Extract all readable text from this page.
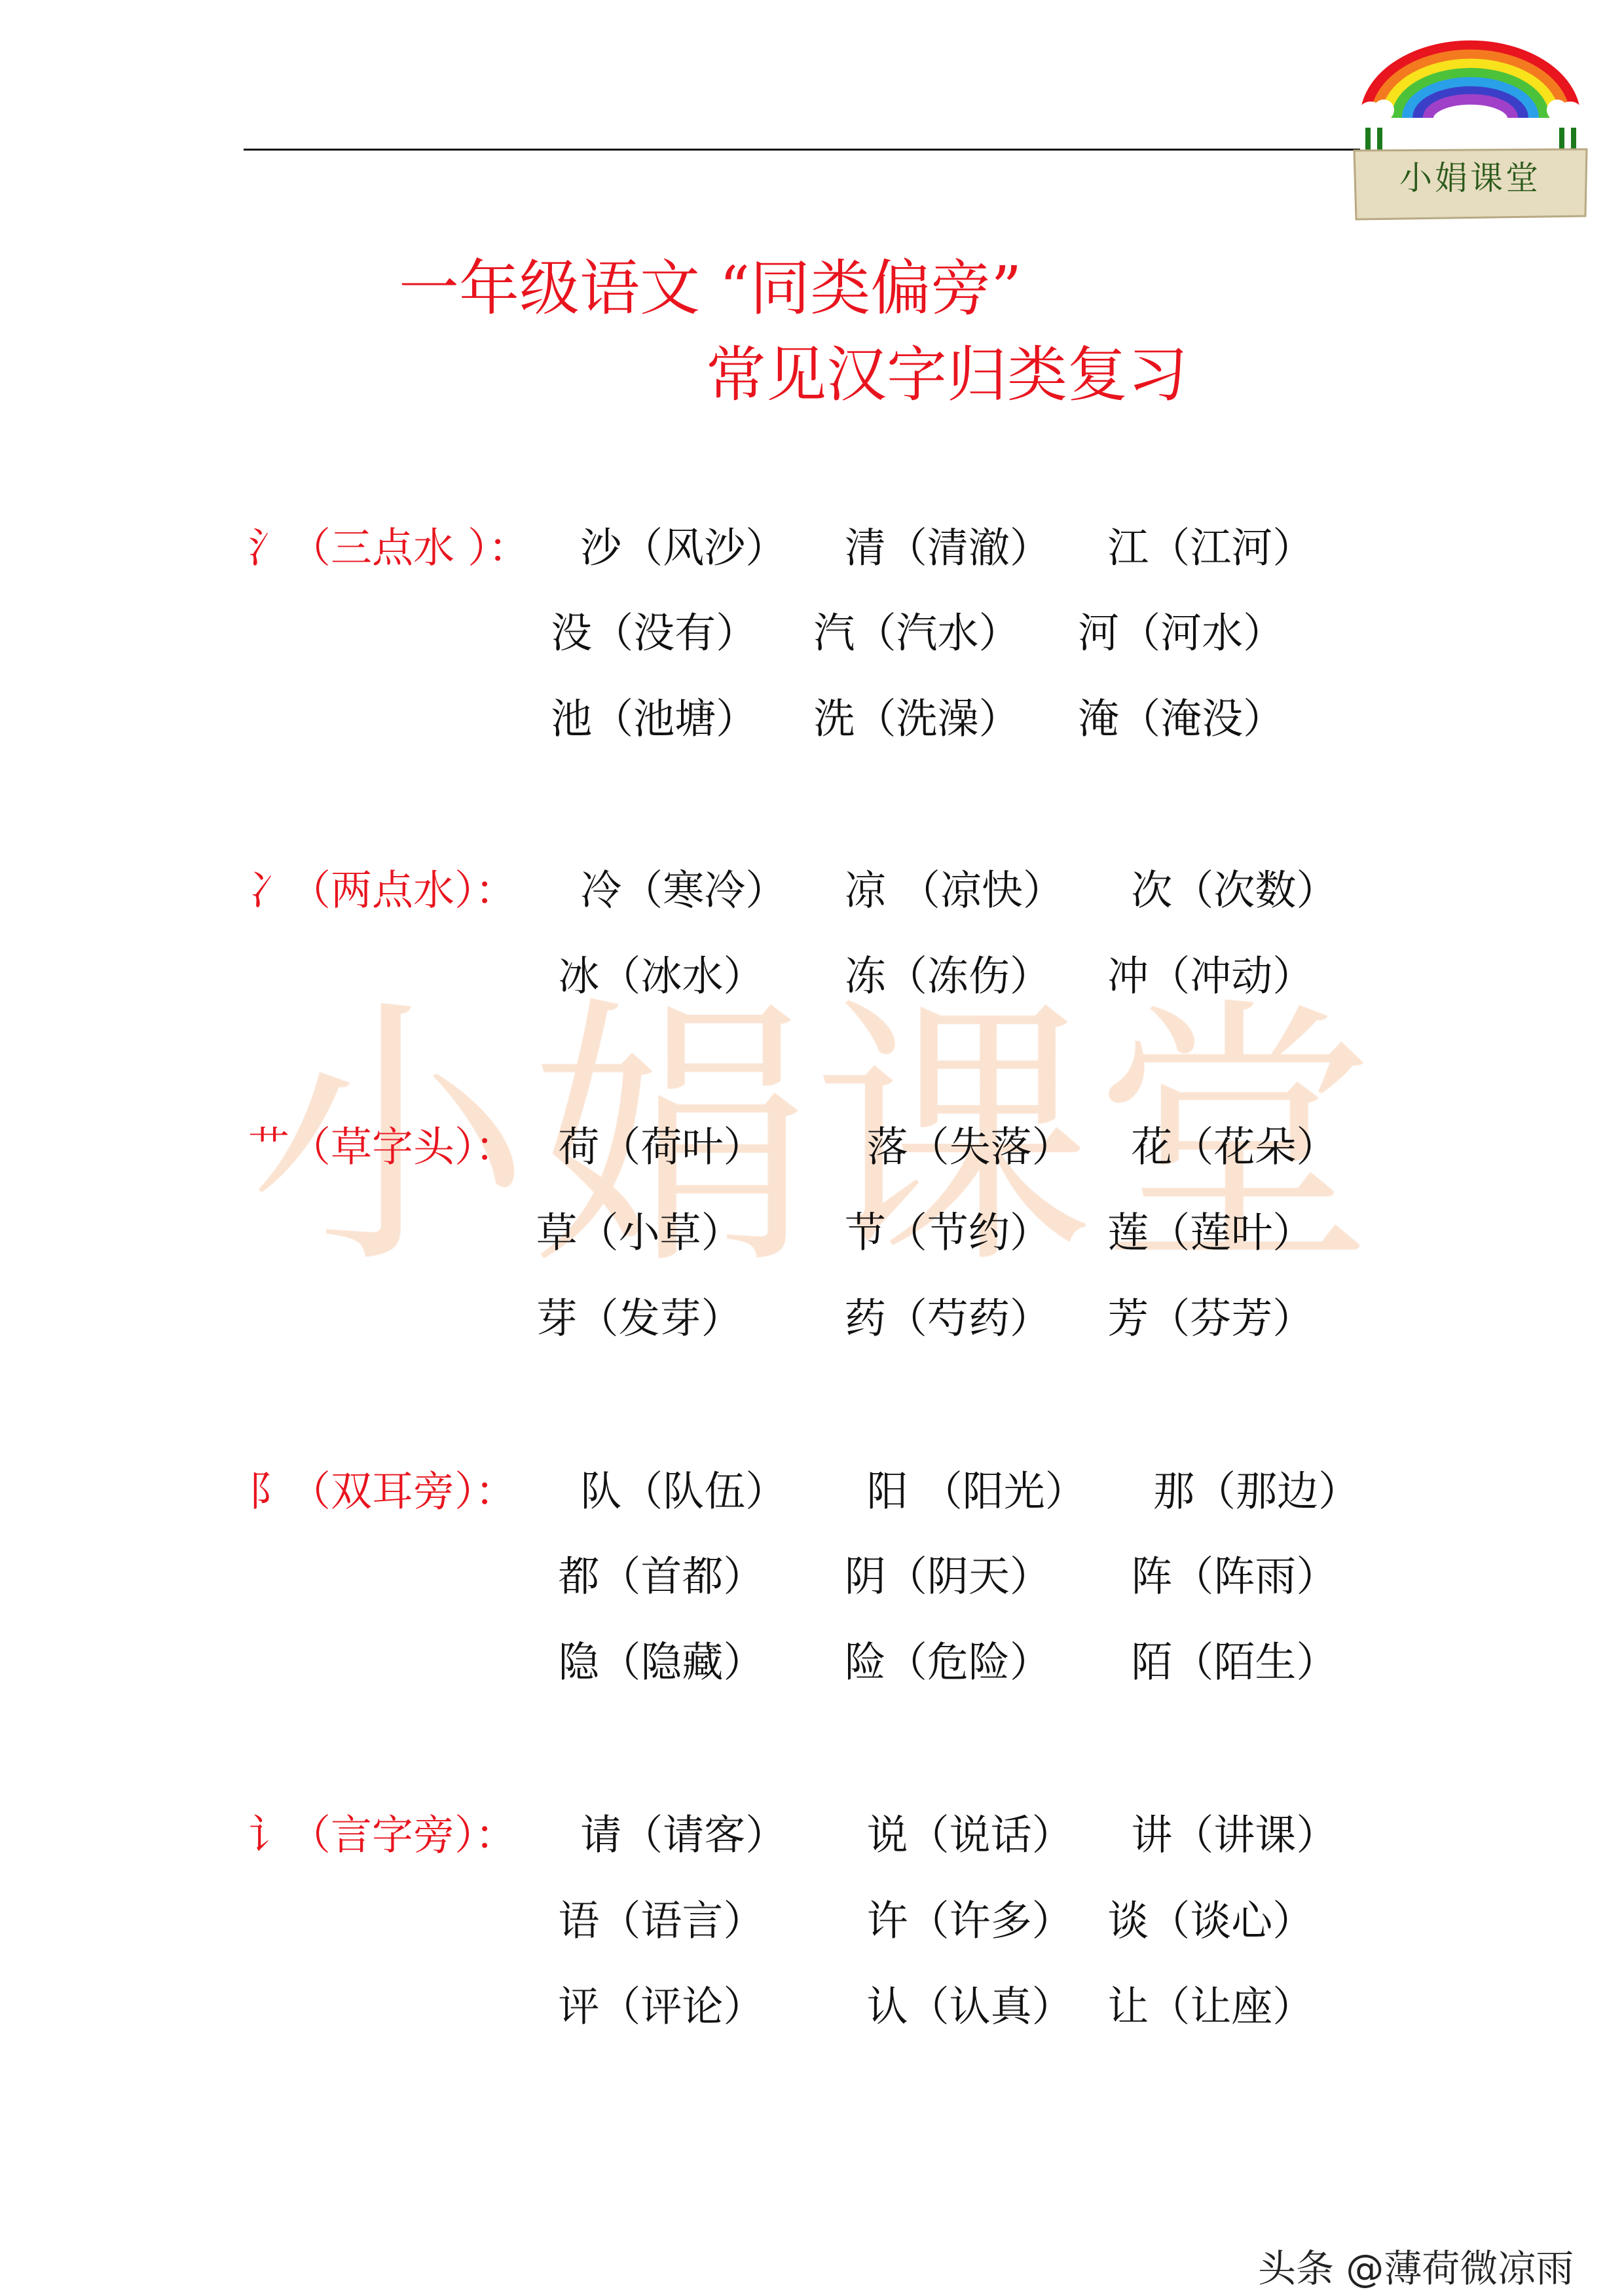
小娟课堂
一年级语文 “同类偏旁”
常见汉字归类复习
氵（三点水 ）： 沙（风沙） 清（清澈） 江（江河）
没（没有） 汽（汽水） 河（河水）
池（池塘） 洗（洗澡） 淹（淹没）
冫（两点水）： 冷（寒冷） 凉 （凉快） 次（次数）
冰（冰水） 冻（冻伤） 冲（冲动）
艹（草字头）： 荷（荷叶） 落（失落） 花（花朵）
草（小草） 节（节约） 莲（莲叶）
芽（发芽） 药（芍药） 芳（芬芳）
阝（双耳旁）： 队（队伍） 阳 （阳光） 那（那边）
都（首都） 阴（阴天） 阵（阵雨）
隐（隐藏） 险（危险） 陌（陌生）
讠（言字旁）： 请（请客） 说（说话） 讲（讲课）
语（语言） 许（许多） 谈（谈心）
评（评论） 认（认真） 让（让座）
头条 @薄荷微凉雨
